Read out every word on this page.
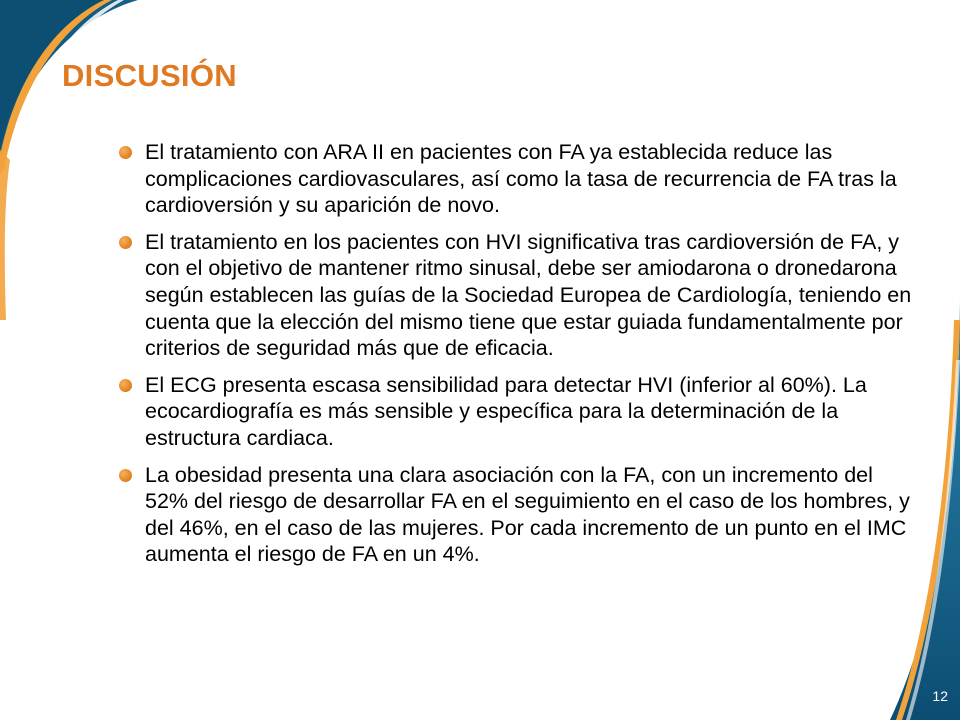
DISCUSIÓN
El tratamiento con ARA II en pacientes con FA ya establecida reduce las complicaciones cardiovasculares, así como la tasa de recurrencia de FA tras la cardioversión y su aparición de novo.
El tratamiento en los pacientes con HVI significativa tras cardioversión de FA, y con el objetivo de mantener ritmo sinusal, debe ser amiodarona o dronedarona según establecen las guías de la Sociedad Europea de Cardiología, teniendo en cuenta que la elección del mismo tiene que estar guiada fundamentalmente por criterios de seguridad más que de eficacia.
El ECG presenta escasa sensibilidad para detectar HVI (inferior al 60%). La ecocardiografía es más sensible y específica para la determinación de la estructura cardiaca.
La obesidad presenta una clara asociación con la FA, con un incremento del 52% del riesgo de desarrollar FA en el seguimiento en el caso de los hombres, y del 46%, en el caso de las mujeres. Por cada incremento de un punto en el IMC aumenta el riesgo de FA en un 4%.
12
